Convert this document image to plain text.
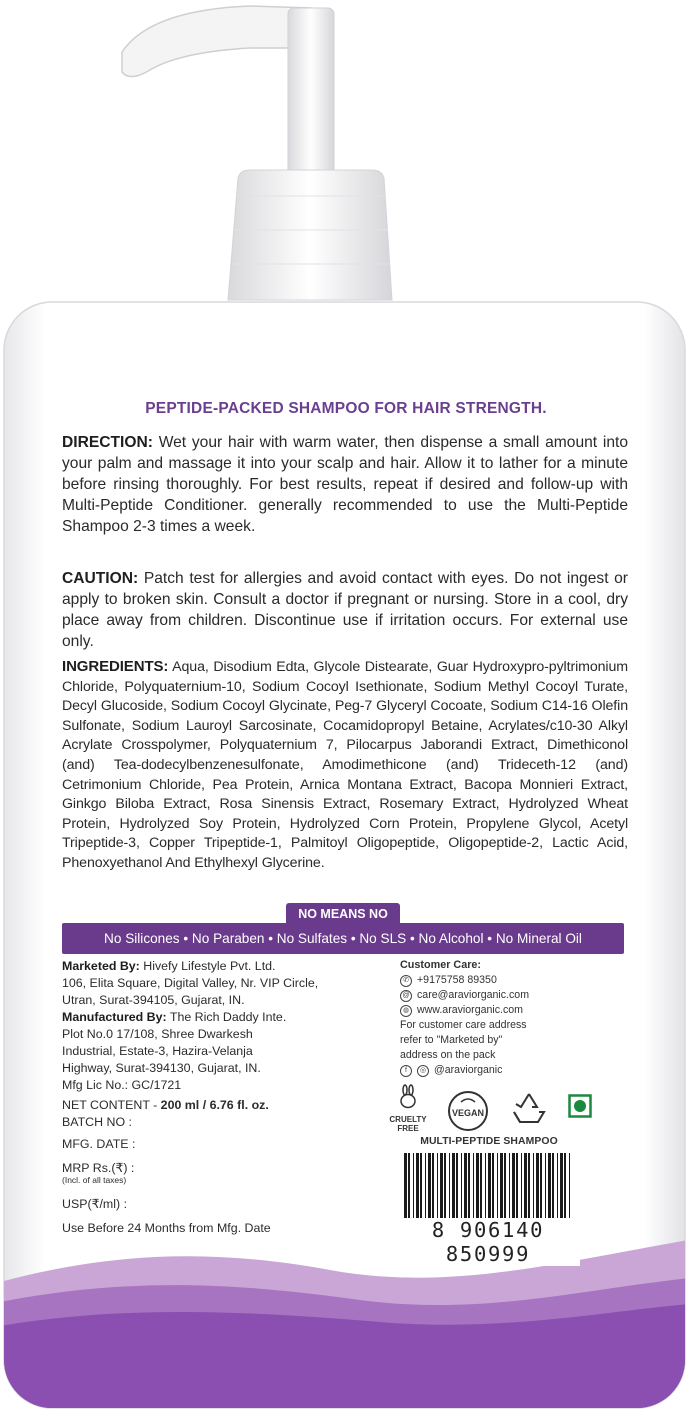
PEPTIDE-PACKED SHAMPOO FOR HAIR STRENGTH.
DIRECTION: Wet your hair with warm water, then dispense a small amount into your palm and massage it into your scalp and hair. Allow it to lather for a minute before rinsing thoroughly. For best results, repeat if desired and follow-up with Multi-Peptide Conditioner. generally recommended to use the Multi-Peptide Shampoo 2-3 times a week.
CAUTION: Patch test for allergies and avoid contact with eyes. Do not ingest or apply to broken skin. Consult a doctor if pregnant or nursing. Store in a cool, dry place away from children. Discontinue use if irritation occurs. For external use only.
INGREDIENTS: Aqua, Disodium Edta, Glycole Distearate, Guar Hydroxypro-pyltrimonium Chloride, Polyquaternium-10, Sodium Cocoyl Isethionate, Sodium Methyl Cocoyl Turate, Decyl Glucoside, Sodium Cocoyl Glycinate, Peg-7 Glyceryl Cocoate, Sodium C14-16 Olefin Sulfonate, Sodium Lauroyl Sarcosinate, Cocamidopropyl Betaine, Acrylates/c10-30 Alkyl Acrylate Crosspolymer, Polyquaternium 7, Pilocarpus Jaborandi Extract, Dimethiconol (and) Tea-dodecylbenzenesulfonate, Amodimethicone (and) Trideceth-12 (and) Cetrimonium Chloride, Pea Protein, Arnica Montana Extract, Bacopa Monnieri Extract, Ginkgo Biloba Extract, Rosa Sinensis Extract, Rosemary Extract, Hydrolyzed Wheat Protein, Hydrolyzed Soy Protein, Hydrolyzed Corn Protein, Propylene Glycol, Acetyl Tripeptide-3, Copper Tripeptide-1, Palmitoyl Oligopeptide, Oligopeptide-2, Lactic Acid, Phenoxyethanol And Ethylhexyl Glycerine.
NO MEANS NO
No Silicones • No Paraben • No Sulfates • No SLS • No Alcohol • No Mineral Oil
Marketed By: Hivefy Lifestyle Pvt. Ltd.
106, Elita Square, Digital Valley, Nr. VIP Circle,
Utran, Surat-394105, Gujarat, IN.
Manufactured By: The Rich Daddy Inte.
Plot No.0 17/108, Shree Dwarkesh
Industrial, Estate-3, Hazira-Velanja
Highway, Surat-394130, Gujarat, IN.
Mfg Lic No.: GC/1721
NET CONTENT - 200 ml / 6.76 fl. oz.
BATCH NO :
MFG. DATE :
MRP Rs.(₹) :
(Incl. of all taxes)
USP(₹/ml) :
Use Before 24 Months from Mfg. Date
Customer Care:
✆ +9175758 89350
@ care@araviorganic.com
◍ www.araviorganic.com
For customer care address
refer to "Marketed by"
address on the pack
f	◎ @araviorganic
CRUELTY FREE
VEGAN
MULTI-PEPTIDE SHAMPOO
8 906140 850999
